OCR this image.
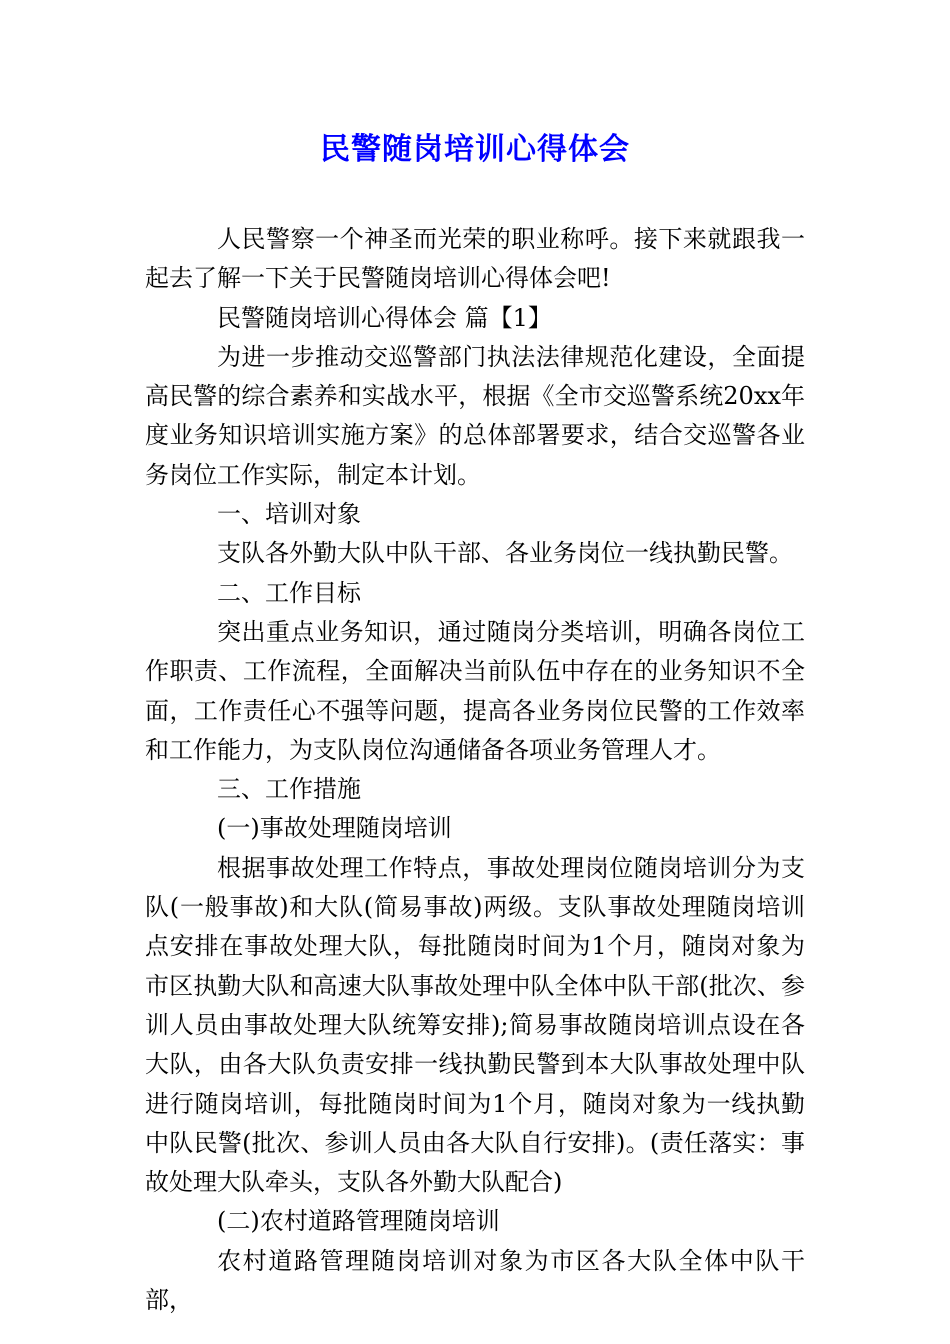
民警随岗培训心得体会

人民警察一个神圣而光荣的职业称呼。接下来就跟我一起去了解一下关于民警随岗培训心得体会吧!

民警随岗培训心得体会 篇【1】

为进一步推动交巡警部门执法法律规范化建设，全面提高民警的综合素养和实战水平，根据《全市交巡警系统20xx年度业务知识培训实施方案》的总体部署要求，结合交巡警各业务岗位工作实际，制定本计划。

一、培训对象

支队各外勤大队中队干部、各业务岗位一线执勤民警。

二、工作目标

突出重点业务知识，通过随岗分类培训，明确各岗位工作职责、工作流程，全面解决当前队伍中存在的业务知识不全面，工作责任心不强等问题，提高各业务岗位民警的工作效率和工作能力，为支队岗位沟通储备各项业务管理人才。

三、工作措施

(一)事故处理随岗培训

根据事故处理工作特点，事故处理岗位随岗培训分为支队(一般事故)和大队(简易事故)两级。支队事故处理随岗培训点安排在事故处理大队，每批随岗时间为1个月，随岗对象为市区执勤大队和高速大队事故处理中队全体中队干部(批次、参训人员由事故处理大队统筹安排);简易事故随岗培训点设在各大队，由各大队负责安排一线执勤民警到本大队事故处理中队进行随岗培训，每批随岗时间为1个月，随岗对象为一线执勤中队民警(批次、参训人员由各大队自行安排)。(责任落实：事故处理大队牵头，支队各外勤大队配合)

(二)农村道路管理随岗培训

农村道路管理随岗培训对象为市区各大队全体中队干部，
